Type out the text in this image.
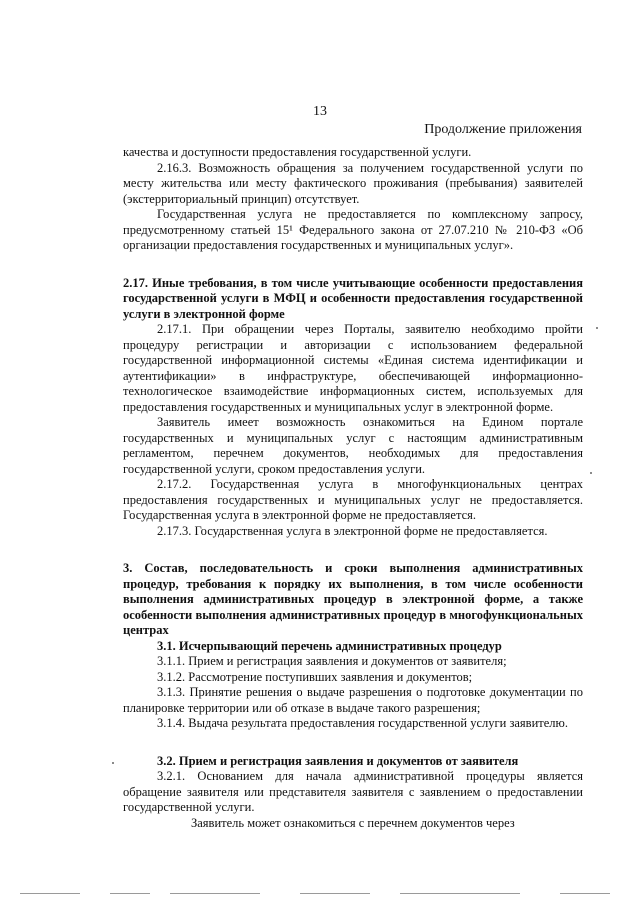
13
Продолжение приложения

качества и доступности предоставления государственной услуги.

2.16.3. Возможность обращения за получением государственной услуги по месту жительства или месту фактического проживания (пребывания) заявителей (экстерриториальный принцип) отсутствует.

Государственная услуга не предоставляется по комплексному запросу, предусмотренному статьей 15¹ Федерального закона от 27.07.210 № 210-ФЗ «Об организации предоставления государственных и муниципальных услуг».

2.17. Иные требования, в том числе учитывающие особенности предоставления государственной услуги в МФЦ и особенности предоставления государственной услуги в электронной форме

2.17.1. При обращении через Порталы, заявителю необходимо пройти процедуру регистрации и авторизации с использованием федеральной государственной информационной системы «Единая система идентификации и аутентификации» в инфраструктуре, обеспечивающей информационно-технологическое взаимодействие информационных систем, используемых для предоставления государственных и муниципальных услуг в электронной форме.

Заявитель имеет возможность ознакомиться на Едином портале государственных и муниципальных услуг с настоящим административным регламентом, перечнем документов, необходимых для предоставления государственной услуги, сроком предоставления услуги.

2.17.2. Государственная услуга в многофункциональных центрах предоставления государственных и муниципальных услуг не предоставляется. Государственная услуга в электронной форме не предоставляется.

2.17.3. Государственная услуга в электронной форме не предоставляется.

3. Состав, последовательность и сроки выполнения административных процедур, требования к порядку их выполнения, в том числе особенности выполнения административных процедур в электронной форме, а также особенности выполнения административных процедур в многофункциональных центрах

3.1. Исчерпывающий перечень административных процедур

3.1.1. Прием и регистрация заявления и документов от заявителя;

3.1.2. Рассмотрение поступивших заявления и документов;

3.1.3. Принятие решения о выдаче разрешения о подготовке документации по планировке территории или об отказе в выдаче такого разрешения;

3.1.4. Выдача результата предоставления государственной услуги заявителю.

3.2. Прием и регистрация заявления и документов от заявителя

3.2.1. Основанием для начала административной процедуры является обращение заявителя или представителя заявителя с заявлением о предоставлении государственной услуги.

Заявитель может ознакомиться с перечнем документов через
